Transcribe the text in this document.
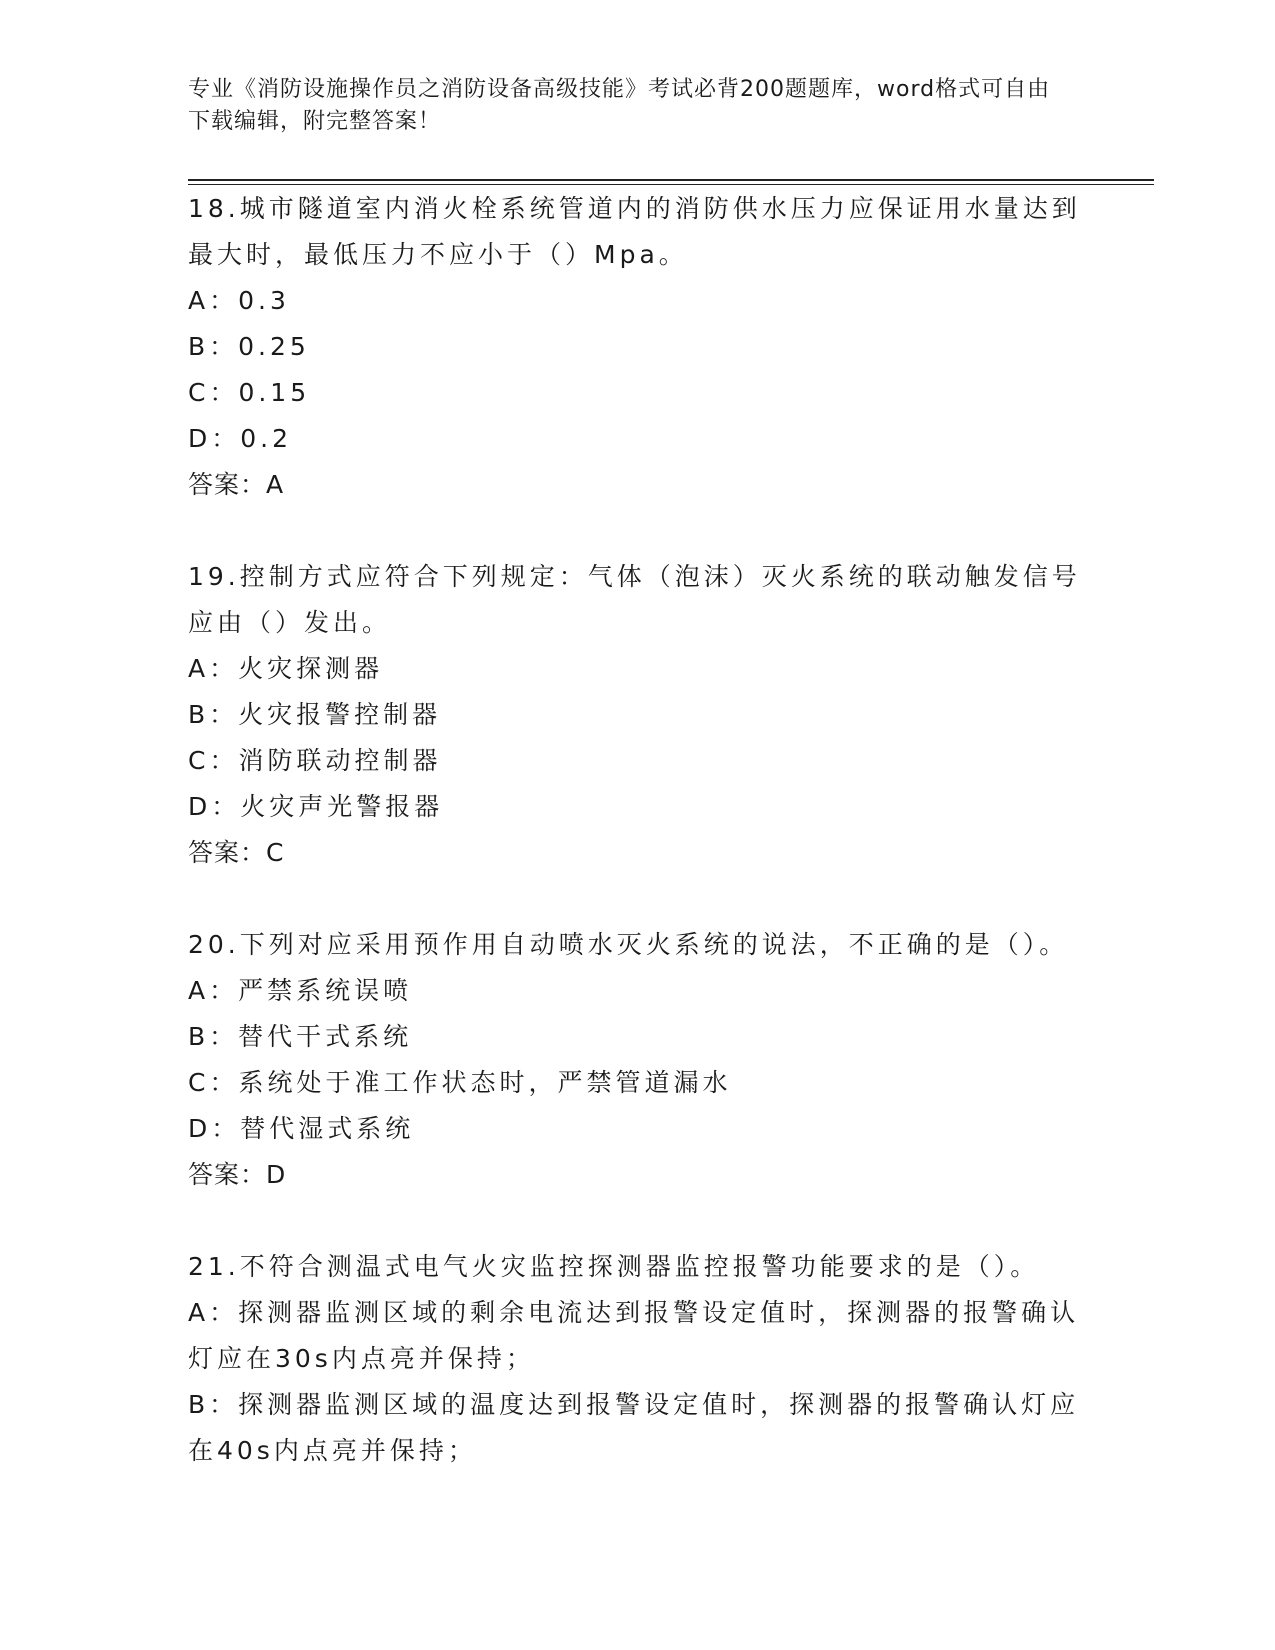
专业《消防设施操作员之消防设备高级技能》考试必背200题题库，word格式可自由下载编辑，附完整答案！

18.城市隧道室内消火栓系统管道内的消防供水压力应保证用水量达到最大时，最低压力不应小于（）Mpa。

A：0.3

B：0.25

C：0.15

D：0.2

答案：A

19.控制方式应符合下列规定：气体（泡沫）灭火系统的联动触发信号应由（）发出。

A：火灾探测器

B：火灾报警控制器

C：消防联动控制器

D：火灾声光警报器

答案：C

20.下列对应采用预作用自动喷水灭火系统的说法，不正确的是（）。

A：严禁系统误喷

B：替代干式系统

C：系统处于准工作状态时，严禁管道漏水

D：替代湿式系统

答案：D

21.不符合测温式电气火灾监控探测器监控报警功能要求的是（）。

A：探测器监测区域的剩余电流达到报警设定值时，探测器的报警确认灯应在30s内点亮并保持；

B：探测器监测区域的温度达到报警设定值时，探测器的报警确认灯应在40s内点亮并保持；
